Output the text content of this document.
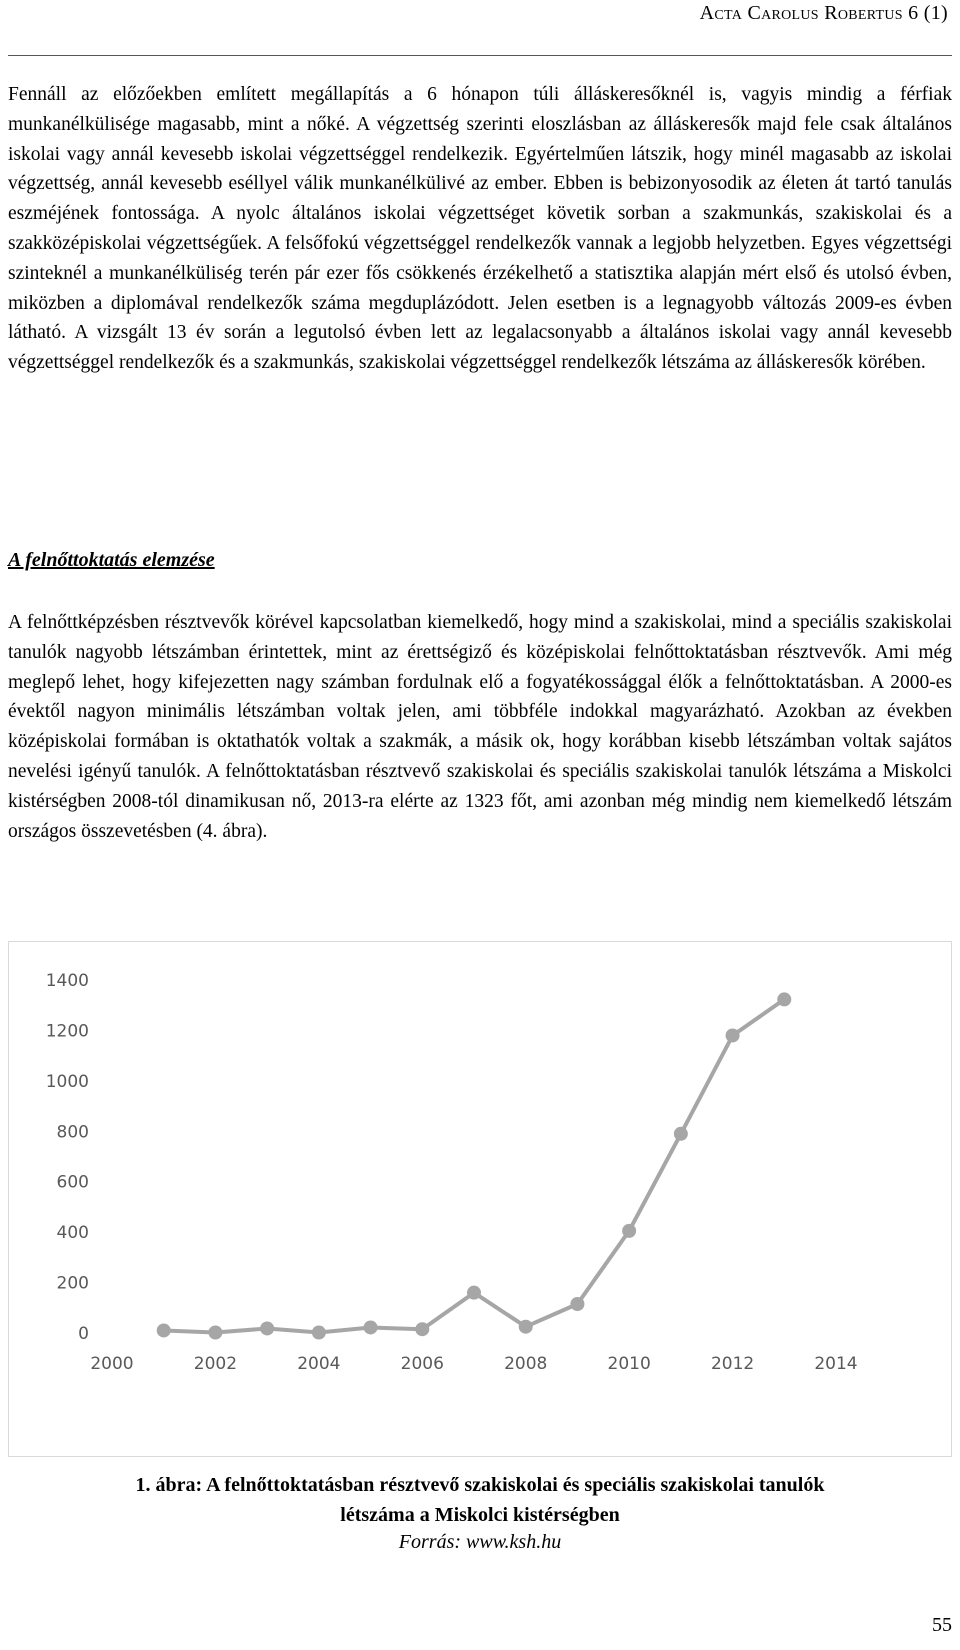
Acta Carolus Robertus 6 (1)
Fennáll az előzőekben említett megállapítás a 6 hónapon túli álláskeresőknél is, vagyis mindig a férfiak munkanélkülisége magasabb, mint a nőké. A végzettség szerinti eloszlásban az álláskeresők majd fele csak általános iskolai vagy annál kevesebb iskolai végzettséggel rendelkezik. Egyértelműen látszik, hogy minél magasabb az iskolai végzettség, annál kevesebb eséllyel válik munkanélkülivé az ember. Ebben is bebizonyosodik az életen át tartó tanulás eszméjének fontossága. A nyolc általános iskolai végzettséget követik sorban a szakmunkás, szakiskolai és a szakközépiskolai végzettségűek. A felsőfokú végzettséggel rendelkezők vannak a legjobb helyzetben. Egyes végzettségi szinteknél a munkanélküliség terén pár ezer fős csökkenés érzékelhető a statisztika alapján mért első és utolsó évben, miközben a diplomával rendelkezők száma megduplázódott. Jelen esetben is a legnagyobb változás 2009-es évben látható. A vizsgált 13 év során a legutolsó évben lett az legalacsonyabb a általános iskolai vagy annál kevesebb végzettséggel rendelkezők és a szakmunkás, szakiskolai végzettséggel rendelkezők létszáma az álláskeresők körében.
A felnőttoktatás elemzése
A felnőttképzésben résztvevők körével kapcsolatban kiemelkedő, hogy mind a szakiskolai, mind a speciális szakiskolai tanulók nagyobb létszámban érintettek, mint az érettségiző és középiskolai felnőttoktatásban résztvevők. Ami még meglepő lehet, hogy kifejezetten nagy számban fordulnak elő a fogyatékossággal élők a felnőttoktatásban. A 2000-es évektől nagyon minimális létszámban voltak jelen, ami többféle indokkal magyarázható. Azokban az években középiskolai formában is oktathatók voltak a szakmák, a másik ok, hogy korábban kisebb létszámban voltak sajátos nevelési igényű tanulók. A felnőttoktatásban résztvevő szakiskolai és speciális szakiskolai tanulók létszáma a Miskolci kistérségben 2008-tól dinamikusan nő, 2013-ra elérte az 1323 főt, ami azonban még mindig nem kiemelkedő létszám országos összevetésben (4. ábra).
0
200
400
600
800
1000
1200
1400
2000	2002	2004	2006	2008	2010	2012	2014
1. ábra: A felnőttoktatásban résztvevő szakiskolai és speciális szakiskolai tanulók
létszáma a Miskolci kistérségben
Forrás: www.ksh.hu
55
